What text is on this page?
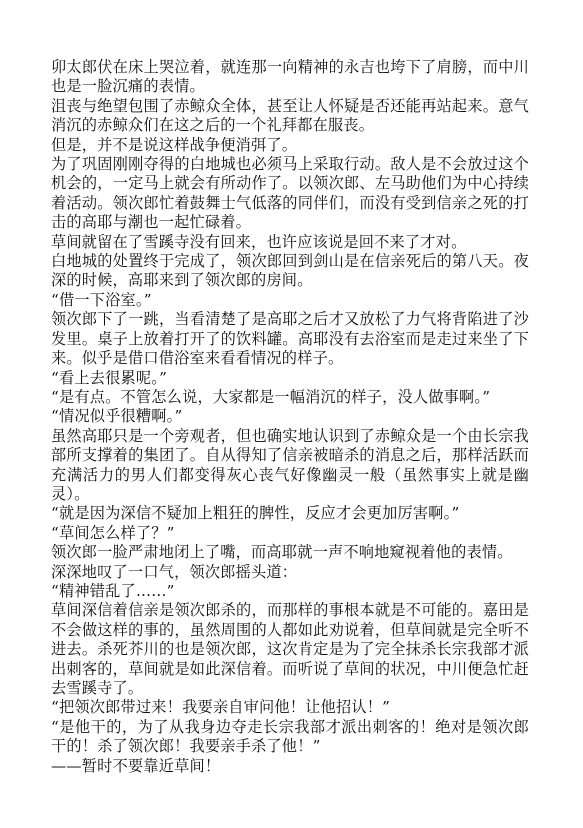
卯太郎伏在床上哭泣着，就连那一向精神的永吉也垮下了肩膀，而中川也是一脸沉痛的表情。

沮丧与绝望包围了赤鲸众全体，甚至让人怀疑是否还能再站起来。意气消沉的赤鲸众们在这之后的一个礼拜都在服丧。

但是，并不是说这样战争便消弭了。

为了巩固刚刚夺得的白地城也必须马上采取行动。敌人是不会放过这个机会的，一定马上就会有所动作了。以领次郎、左马助他们为中心持续着活动。领次郎忙着鼓舞士气低落的同伴们，而没有受到信亲之死的打击的高耶与潮也一起忙碌着。

草间就留在了雪蹊寺没有回来，也许应该说是回不来了才对。

白地城的处置终于完成了，领次郎回到剑山是在信亲死后的第八天。夜深的时候，高耶来到了领次郎的房间。

“借一下浴室。”

领次郎下了一跳，当看清楚了是高耶之后才又放松了力气将背陷进了沙发里。桌子上放着打开了的饮料罐。高耶没有去浴室而是走过来坐了下来。似乎是借口借浴室来看看情况的样子。

“看上去很累呢。”

“是有点。不管怎么说，大家都是一幅消沉的样子，没人做事啊。”

“情况似乎很糟啊。”

虽然高耶只是一个旁观者，但也确实地认识到了赤鲸众是一个由长宗我部所支撑着的集团了。自从得知了信亲被暗杀的消息之后，那样活跃而充满活力的男人们都变得灰心丧气好像幽灵一般（虽然事实上就是幽灵）。

“就是因为深信不疑加上粗狂的脾性，反应才会更加厉害啊。”

“草间怎么样了？”

领次郎一脸严肃地闭上了嘴，而高耶就一声不响地窥视着他的表情。

深深地叹了一口气，领次郎摇头道：

“精神错乱了……”

草间深信着信亲是领次郎杀的，而那样的事根本就是不可能的。嘉田是不会做这样的事的，虽然周围的人都如此劝说着，但草间就是完全听不进去。杀死芥川的也是领次郎，这次肯定是为了完全抹杀长宗我部才派出刺客的，草间就是如此深信着。而听说了草间的状况，中川便急忙赶去雪蹊寺了。

“把领次郎带过来！我要亲自审问他！让他招认！”

“是他干的，为了从我身边夺走长宗我部才派出刺客的！绝对是领次郎干的！杀了领次郎！我要亲手杀了他！”

——暂时不要靠近草间！
